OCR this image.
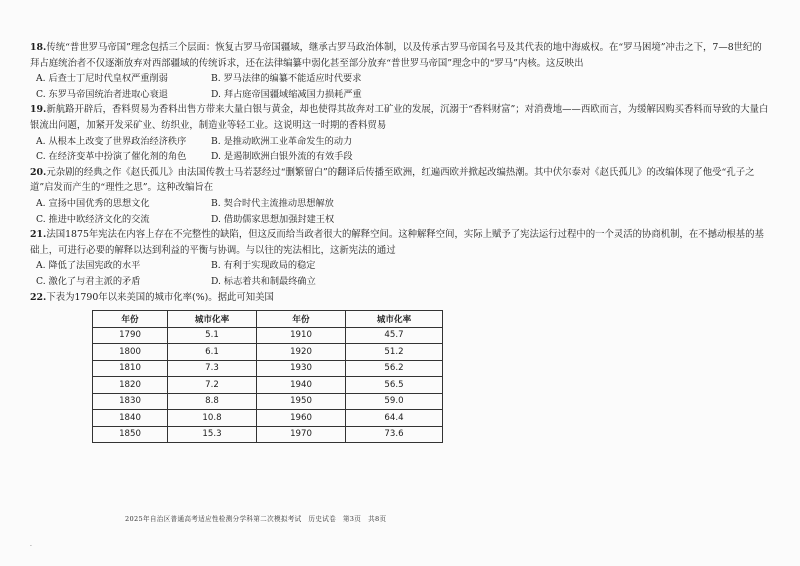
18.传统“普世罗马帝国”理念包括三个层面：恢复古罗马帝国疆域，继承古罗马政治体制，以及传承古罗马帝国名号及其代表的地中海威权。在“罗马困境”冲击之下，7—8世纪的拜占庭统治者不仅逐渐放弃对西部疆域的传统诉求，还在法律编纂中弱化甚至部分放弃“普世罗马帝国”理念中的“罗马”内核。这反映出

A. 后查士丁尼时代皇权严重削弱	B. 罗马法律的编纂不能适应时代要求
C. 东罗马帝国统治者进取心衰退	D. 拜占庭帝国疆域缩减国力损耗严重

19.新航路开辟后，香料贸易为香料出售方带来大量白银与黄金，却也使得其故奔对工矿业的发展，沉溺于“香料财富”；对消费地——西欧而言，为缓解因购买香料而导致的大量白银流出问题，加紧开发采矿业、纺织业，制造业等轻工业。这说明这一时期的香料贸易

A. 从根本上改变了世界政治经济秩序	B. 是推动欧洲工业革命发生的动力
C. 在经济变革中扮演了催化剂的角色	D. 是遏制欧洲白银外流的有效手段

20.元杂剧的经典之作《赵氏孤儿》由法国传教士马若瑟经过“删繁留白”的翻译后传播至欧洲，红遍西欧并掀起改编热潮。其中伏尔泰对《赵氏孤儿》的改编体现了他受“孔子之道”启发而产生的“理性之思”。这种改编旨在

A. 宣扬中国优秀的思想文化	B. 契合时代主流推动思想解放
C. 推进中欧经济文化的交流	D. 借助儒家思想加强封建王权

21.法国1875年宪法在内容上存在不完整性的缺陷，但这反而给当政者很大的解释空间。这种解释空间，实际上赋予了宪法运行过程中的一个灵活的协商机制，在不撼动根基的基础上，可进行必要的解释以达到利益的平衡与协调。与以往的宪法相比，这新宪法的通过

A. 降低了法国宪政的水平	B. 有利于实现政局的稳定
C. 激化了与君主派的矛盾	D. 标志着共和制最终确立

22.下表为1790年以来美国的城市化率(%)。据此可知美国

年份	城市化率	年份	城市化率
1790	5.1	1910	45.7
1800	6.1	1920	51.2
1810	7.3	1930	56.2
1820	7.2	1940	56.5
1830	8.8	1950	59.0
1840	10.8	1960	64.4
1850	15.3	1970	73.6
2025年自治区普通高考适应性检测分学科第二次模拟考试　历史试卷　第3页　共8页
·
